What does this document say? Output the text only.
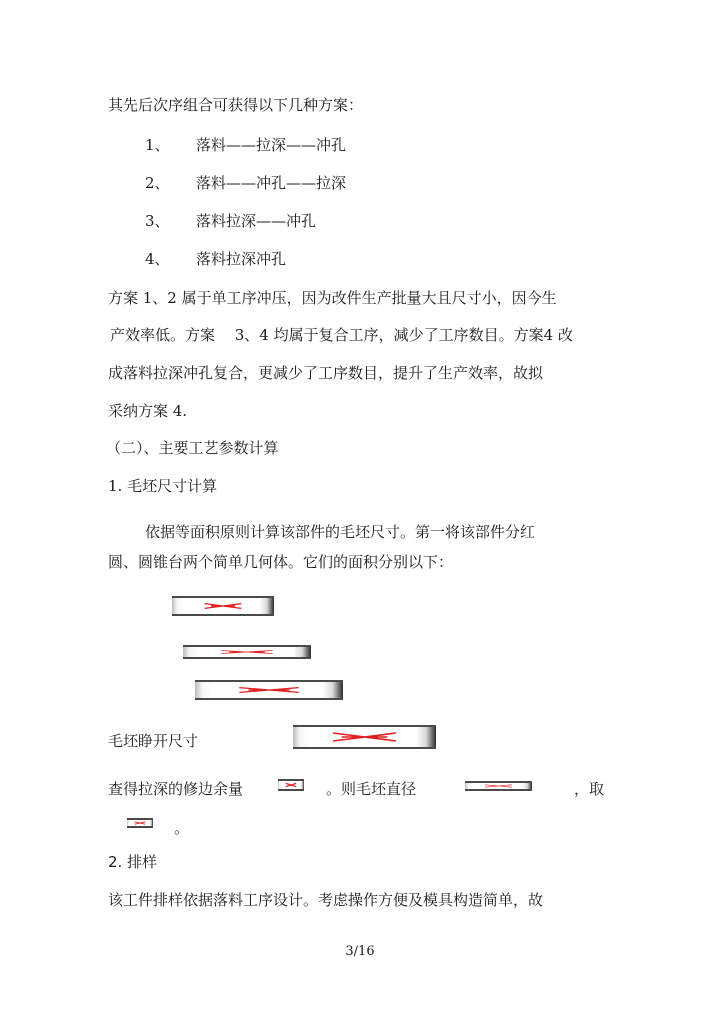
其先后次序组合可获得以下几种方案：
1、 落料——拉深——冲孔
2、 落料——冲孔——拉深
3、 落料拉深——冲孔
4、 落料拉深冲孔
方案 1、2 属于单工序冲压，因为改件生产批量大且尺寸小，因今生
产效率低。方案　 3、4 均属于复合工序，减少了工序数目。方案4 改
成落料拉深冲孔复合，更减少了工序数目，提升了生产效率，故拟
采纳方案 4.
（二）、主要工艺参数计算
1. 毛坯尺寸计算
依据等面积原则计算该部件的毛坯尺寸。第一将该部件分红
圆、圆锥台两个简单几何体。它们的面积分别以下：
毛坯睁开尺寸
查得拉深的修边余量	。则毛坯直径	，取
。
2. 排样
该工件排样依据落料工序设计。考虑操作方便及模具构造简单，故
3/16
